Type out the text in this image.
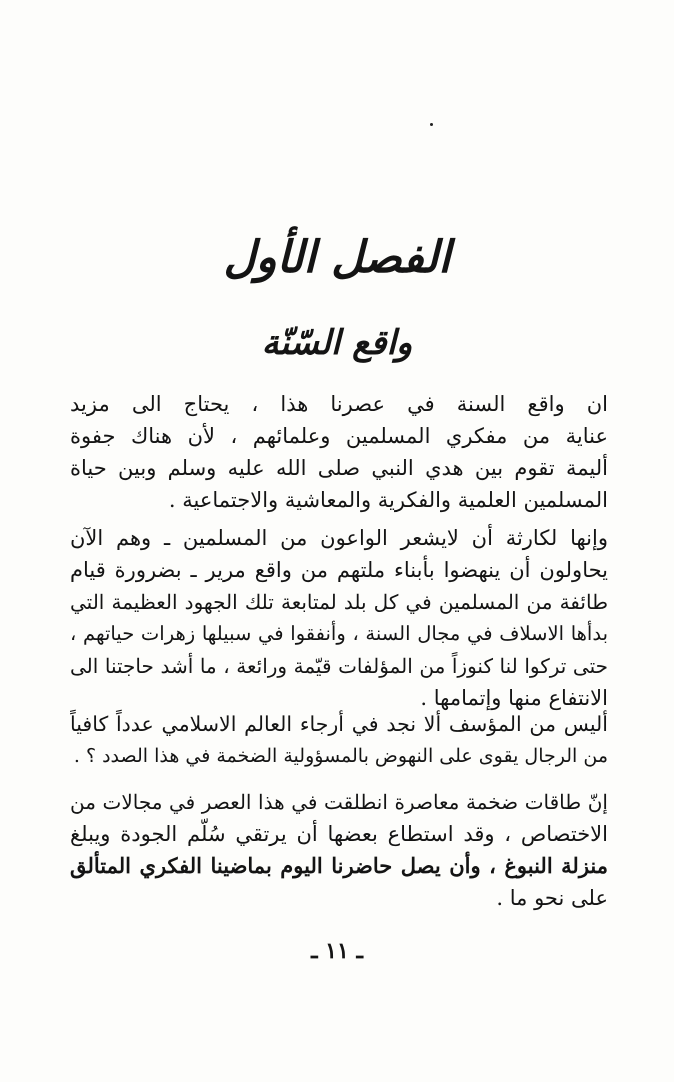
الفصل الأول
واقع السّنّة
ان واقع السنة في عصرنا هذا ، يحتاج الى مزيد
عناية من مفكري المسلمين وعلمائهم ، لأن هناك جفوة
أليمة تقوم بين هدي النبي صلى الله عليه وسلم وبين حياة
المسلمين العلمية والفكرية والمعاشية والاجتماعية .
وإنها لكارثة أن لايشعر الواعون من المسلمين ـ وهم الآن
يحاولون أن ينهضوا بأبناء ملتهم من واقع مرير ـ بضرورة قيام
طائفة من المسلمين في كل بلد لمتابعة تلك الجهود العظيمة التي
بدأها الاسلاف في مجال السنة ، وأنفقوا في سبيلها زهرات حياتهم ،
حتى تركوا لنا كنوزاً من المؤلفات قيّمة ورائعة ، ما أشد حاجتنا الى
الانتفاع منها وإتمامها .
أليس من المؤسف ألا نجد في أرجاء العالم الاسلامي عدداً كافياً
من الرجال يقوى على النهوض بالمسؤولية الضخمة في هذا الصدد ؟ .
إنّ طاقات ضخمة معاصرة انطلقت في هذا العصر في مجالات من
الاختصاص ، وقد استطاع بعضها أن يرتقي سُلّم الجودة ويبلغ
منزلة النبوغ ، وأن يصل حاضرنا اليوم بماضينا الفكري المتألق
على نحو ما .
ـ ١١ ـ
